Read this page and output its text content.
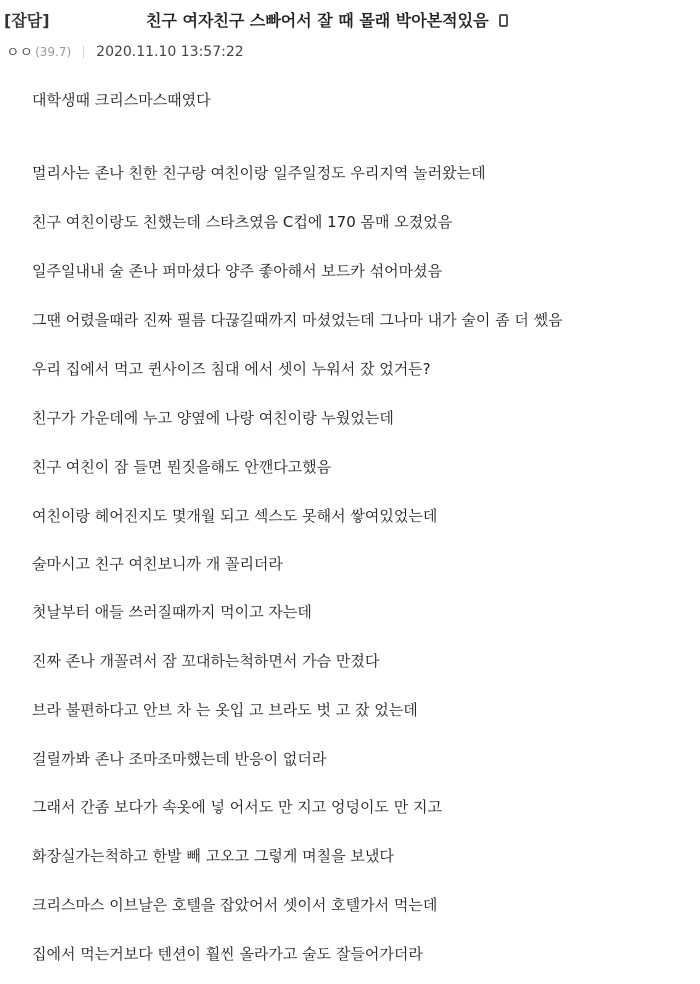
[잡담]	친구 여자친구 스빠어서 잘 때 몰래 박아본적있음
ㅇㅇ (39.7) 2020.11.10 13:57:22
대학생때 크리스마스때였다
멀리사는 존나 친한 친구랑 여친이랑 일주일정도 우리지역 놀러왔는데
친구 여친이랑도 친했는데 스타츠였음 C컵에 170 몸매 오졌었음
일주일내내 술 존나 퍼마셨다 양주 좋아해서 보드카 섞어마셨음
그땐 어렸을때라 진짜 필름 다끊길때까지 마셨었는데 그나마 내가 술이 좀 더 쎘음
우리 집에서 먹고 퀸사이즈 침대 에서 셋이 누워서 잤 었거든?
친구가 가운데에 누고 양옆에 나랑 여친이랑 누웠었는데
친구 여친이 잠 들면 뭔짓을해도 안깬다고했음
여친이랑 헤어진지도 몇개월 되고 섹스도 못해서 쌓여있었는데
술마시고 친구 여친보니까 개 꼴리더라
첫날부터 애들 쓰러질때까지 먹이고 자는데
진짜 존나 개꼴려서 잠 꼬대하는척하면서 가슴 만졌다
브라 불편하다고 안브 차 는 옷입 고 브라도 벗 고 잤 었는데
걸릴까봐 존나 조마조마했는데 반응이 없더라
그래서 간좀 보다가 속옷에 넣 어서도 만 지고 엉덩이도 만 지고
화장실가는척하고 한발 빼 고오고 그렇게 며칠을 보냈다
크리스마스 이브날은 호텔을 잡았어서 셋이서 호텔가서 먹는데
집에서 먹는거보다 텐션이 훨씬 올라가고 술도 잘들어가더라
